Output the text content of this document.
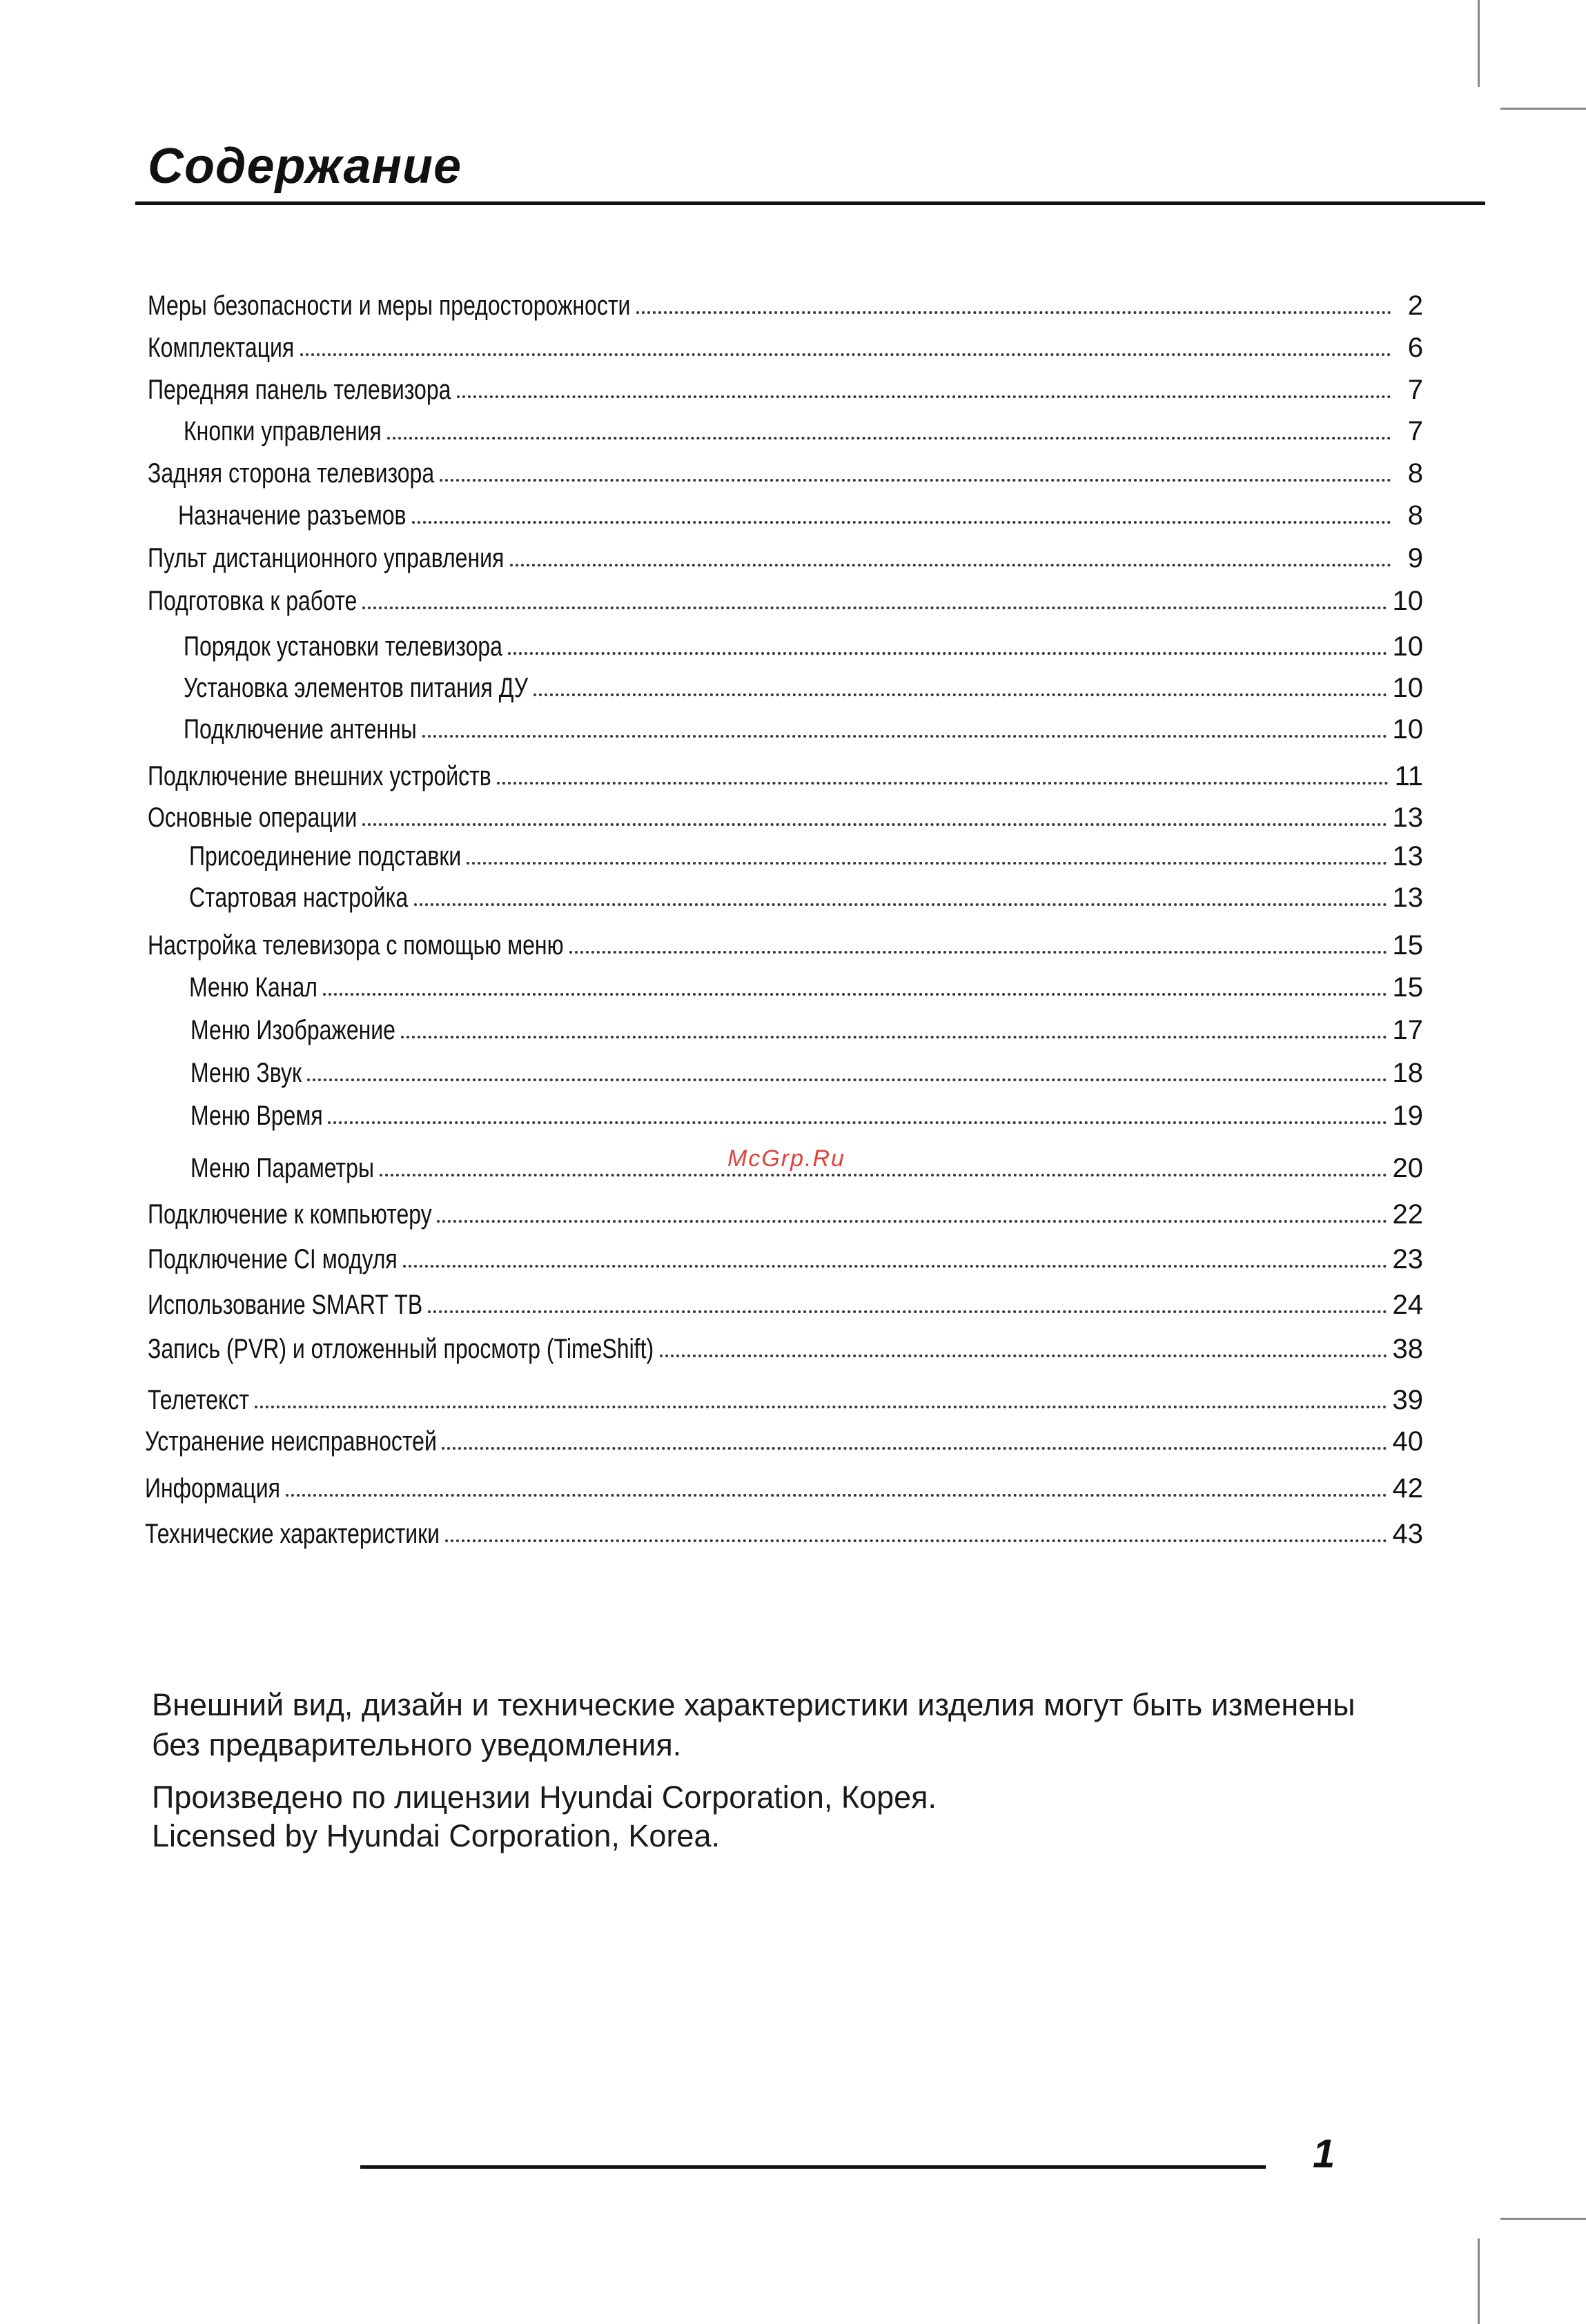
Содержание
Меры безопасности и меры предосторожности	2
Комплектация	6
Передняя панель телевизора	7
Кнопки управления	7
Задняя сторона телевизора	8
Назначение разъемов	8
Пульт дистанционного управления	9
Подготовка к работе	10
Порядок установки телевизора	10
Установка элементов питания ДУ	10
Подключение антенны	10
Подключение внешних устройств	11
Основные операции	13
Присоединение подставки	13
Стартовая настройка	13
Настройка телевизора с помощью меню	15
Меню Канал	15
Меню Изображение	17
Меню Звук	18
Меню Время	19
Меню Параметры	20
Подключение к компьютеру	22
Подключение CI модуля	23
Использование SMART ТВ	24
Запись (PVR) и отложенный просмотр (TimeShift)	38
Телетекст	39
Устранение неисправностей	40
Информация	42
Технические характеристики	43
McGrp.Ru

Внешний вид, дизайн и технические характеристики изделия могут быть изменены

без предварительного уведомления.

Произведено по лицензии Hyundai Corporation, Корея.

Licensed by Hyundai Corporation, Korea.

1
